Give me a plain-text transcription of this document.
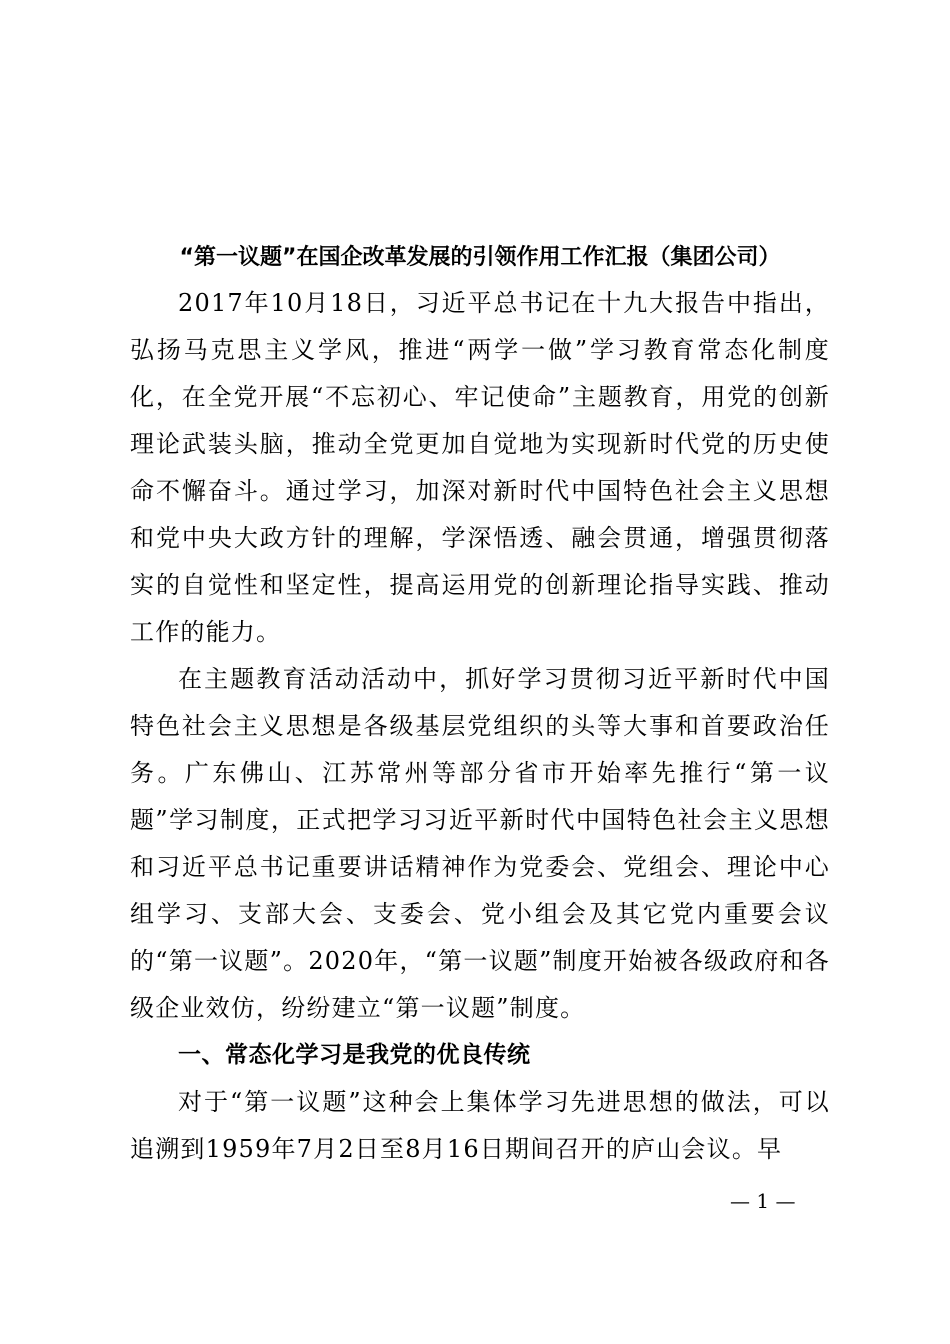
“第一议题”在国企改革发展的引领作用工作汇报（集团公司）

2017年10月18日，习近平总书记在十九大报告中指出，弘扬马克思主义学风，推进“两学一做”学习教育常态化制度化，在全党开展“不忘初心、牢记使命”主题教育，用党的创新理论武装头脑，推动全党更加自觉地为实现新时代党的历史使命不懈奋斗。通过学习，加深对新时代中国特色社会主义思想和党中央大政方针的理解，学深悟透、融会贯通，增强贯彻落实的自觉性和坚定性，提高运用党的创新理论指导实践、推动工作的能力。

在主题教育活动活动中，抓好学习贯彻习近平新时代中国特色社会主义思想是各级基层党组织的头等大事和首要政治任务。广东佛山、江苏常州等部分省市开始率先推行“第一议题”学习制度，正式把学习习近平新时代中国特色社会主义思想和习近平总书记重要讲话精神作为党委会、党组会、理论中心组学习、支部大会、支委会、党小组会及其它党内重要会议的“第一议题”。2020年，“第一议题”制度开始被各级政府和各级企业效仿，纷纷建立“第一议题”制度。

一、常态化学习是我党的优良传统

对于“第一议题”这种会上集体学习先进思想的做法，可以追溯到1959年7月2日至8月16日期间召开的庐山会议。早

— 1 —
